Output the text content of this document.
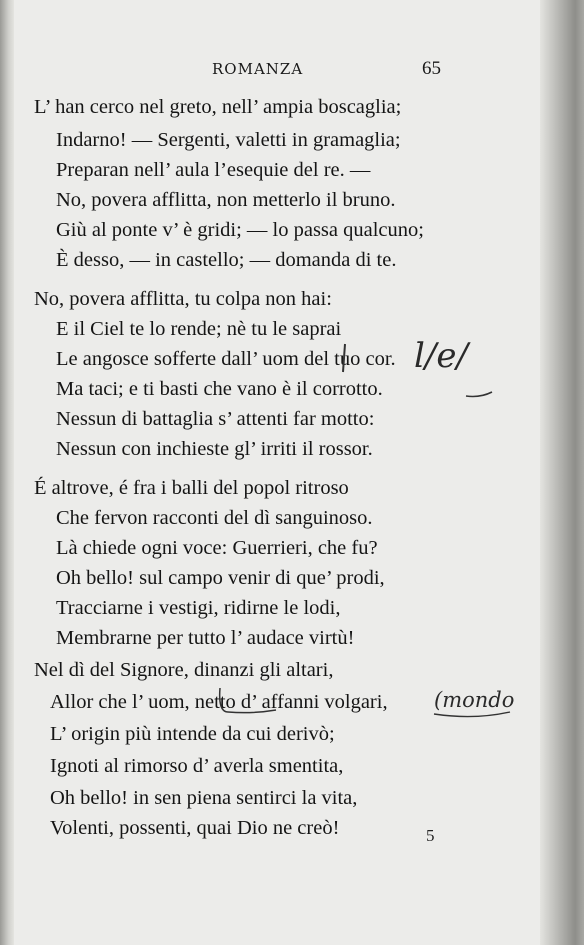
ROMANZA	65
L’ han cerco nel greto, nell’ ampia boscaglia;
Indarno! — Sergenti, valetti in gramaglia;
Preparan nell’ aula l’esequie del re. —
No, povera afflitta, non metterlo il bruno.
Giù al ponte v’ è gridi; — lo passa qualcuno;
È desso, — in castello; — domanda di te.
No, povera afflitta, tu colpa non hai:
E il Ciel te lo rende; nè tu le saprai
Le angosce sofferte dall’ uom del tuo cor.
Ma taci; e ti basti che vano è il corrotto.
Nessun di battaglia s’ attenti far motto:
Nessun con inchieste gl’ irriti il rossor.
É altrove, é fra i balli del popol ritroso
Che fervon racconti del dì sanguinoso.
Là chiede ogni voce: Guerrieri, che fu?
Oh bello! sul campo venir di que’ prodi,
Tracciarne i vestigi, ridirne le lodi,
Membrarne per tutto l’ audace virtù!
Nel dì del Signore, dinanzi gli altari,
Allor che l’ uom, netto d’ affanni volgari,
L’ origin più intende da cui derivò;
Ignoti al rimorso d’ averla smentita,
Oh bello! in sen piena sentirci la vita,
Volenti, possenti, quai Dio ne creò!	5
l/e/
(mondo
